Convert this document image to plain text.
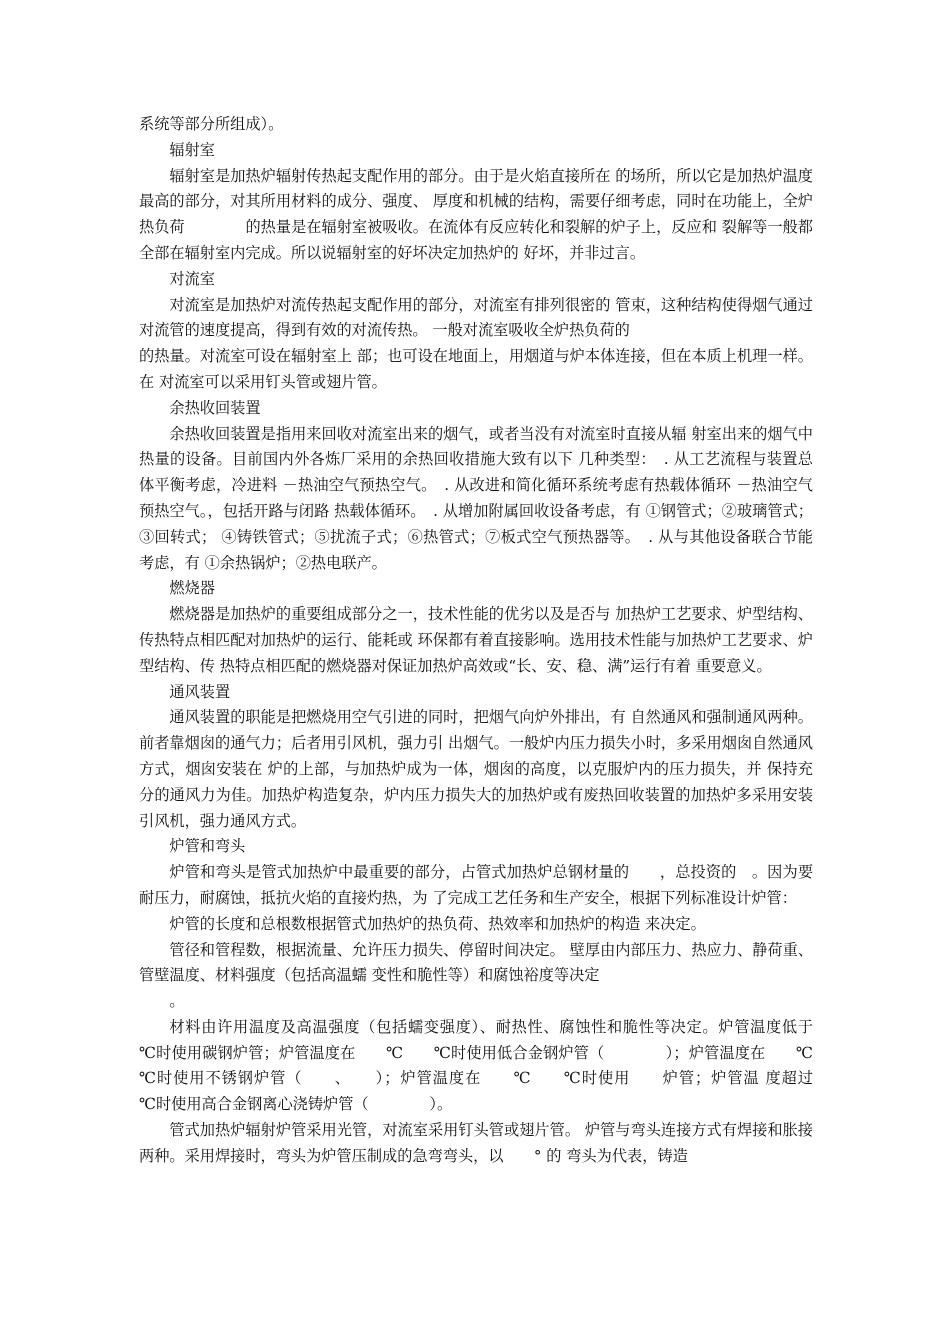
系统等部分所组成）。

辐射室

辐射室是加热炉辐射传热起支配作用的部分。由于是火焰直接所在 的场所，所以它是加热炉温度最高的部分，对其所用材料的成分、强度、 厚度和机械的结构，需要仔细考虑，同时在功能上，全炉热负荷　　　　的热量是在辐射室被吸收。在流体有反应转化和裂解的炉子上，反应和 裂解等一般都全部在辐射室内完成。所以说辐射室的好坏决定加热炉的 好坏，并非过言。

对流室

对流室是加热炉对流传热起支配作用的部分，对流室有排列很密的 管束，这种结构使得烟气通过对流管的速度提高，得到有效的对流传热。 一般对流室吸收全炉热负荷的

的热量。对流室可设在辐射室上 部；也可设在地面上，用烟道与炉本体连接，但在本质上机理一样。在 对流室可以采用钉头管或翅片管。

余热收回装置

余热收回装置是指用来回收对流室出来的烟气，或者当没有对流室时直接从辐 射室出来的烟气中热量的设备。目前国内外各炼厂采用的余热回收措施大致有以下 几种类型：　. 从工艺流程与装置总体平衡考虑，冷进料 －热油空气预热空气。　. 从改进和简化循环系统考虑有热载体循环 －热油空气预热空气。，包括开路与闭路 热载体循环。　. 从增加附属回收设备考虑，有 ①钢管式；②玻璃管式；③回转式； ④铸铁管式；⑤扰流子式；⑥热管式；⑦板式空气预热器等。　. 从与其他设备联合节能考虑，有 ①余热锅炉；②热电联产。

燃烧器

燃烧器是加热炉的重要组成部分之一，技术性能的优劣以及是否与 加热炉工艺要求、炉型结构、传热特点相匹配对加热炉的运行、能耗或 环保都有着直接影响。选用技术性能与加热炉工艺要求、炉型结构、传 热特点相匹配的燃烧器对保证加热炉高效或“长、安、稳、满”运行有着 重要意义。

通风装置

通风装置的职能是把燃烧用空气引进的同时，把烟气向炉外排出，有 自然通风和强制通风两种。前者靠烟囱的通气力；后者用引风机，强力引 出烟气。一般炉内压力损失小时，多采用烟囱自然通风方式，烟囱安装在 炉的上部，与加热炉成为一体，烟囱的高度，以克服炉内的压力损失，并 保持充分的通风力为佳。加热炉构造复杂，炉内压力损失大的加热炉或有废热回收装置的加热炉多采用安装引风机，强力通风方式。

炉管和弯头

炉管和弯头是管式加热炉中最重要的部分，占管式加热炉总钢材量的　　，总投资的　。因为要耐压力，耐腐蚀，抵抗火焰的直接灼热，为 了完成工艺任务和生产安全，根据下列标准设计炉管：

炉管的长度和总根数根据管式加热炉的热负荷、热效率和加热炉的构造 来决定。

管径和管程数，根据流量、允许压力损失、停留时间决定。 壁厚由内部压力、热应力、静荷重、管壁温度、材料强度（包括高温蠕 变性和脆性等）和腐蚀裕度等决定

。

材料由许用温度及高温强度（包括蠕变强度）、耐热性、腐蚀性和脆性等决定。炉管温度低于　　℃时使用碳钢炉管；炉管温度在　　℃　　℃时使用低合金钢炉管（　　　　）；炉管温度在　　℃　　℃时使用不锈钢炉管（　　、　　）；炉管温度在　　℃　　℃时使用　　炉管；炉管温 度超过　　℃时使用高合金钢离心浇铸炉管（　　　　）。

管式加热炉辐射炉管采用光管，对流室采用钉头管或翅片管。 炉管与弯头连接方式有焊接和胀接两种。采用焊接时，弯头为炉管压制成的急弯弯头，以　　° 的 弯头为代表，铸造
